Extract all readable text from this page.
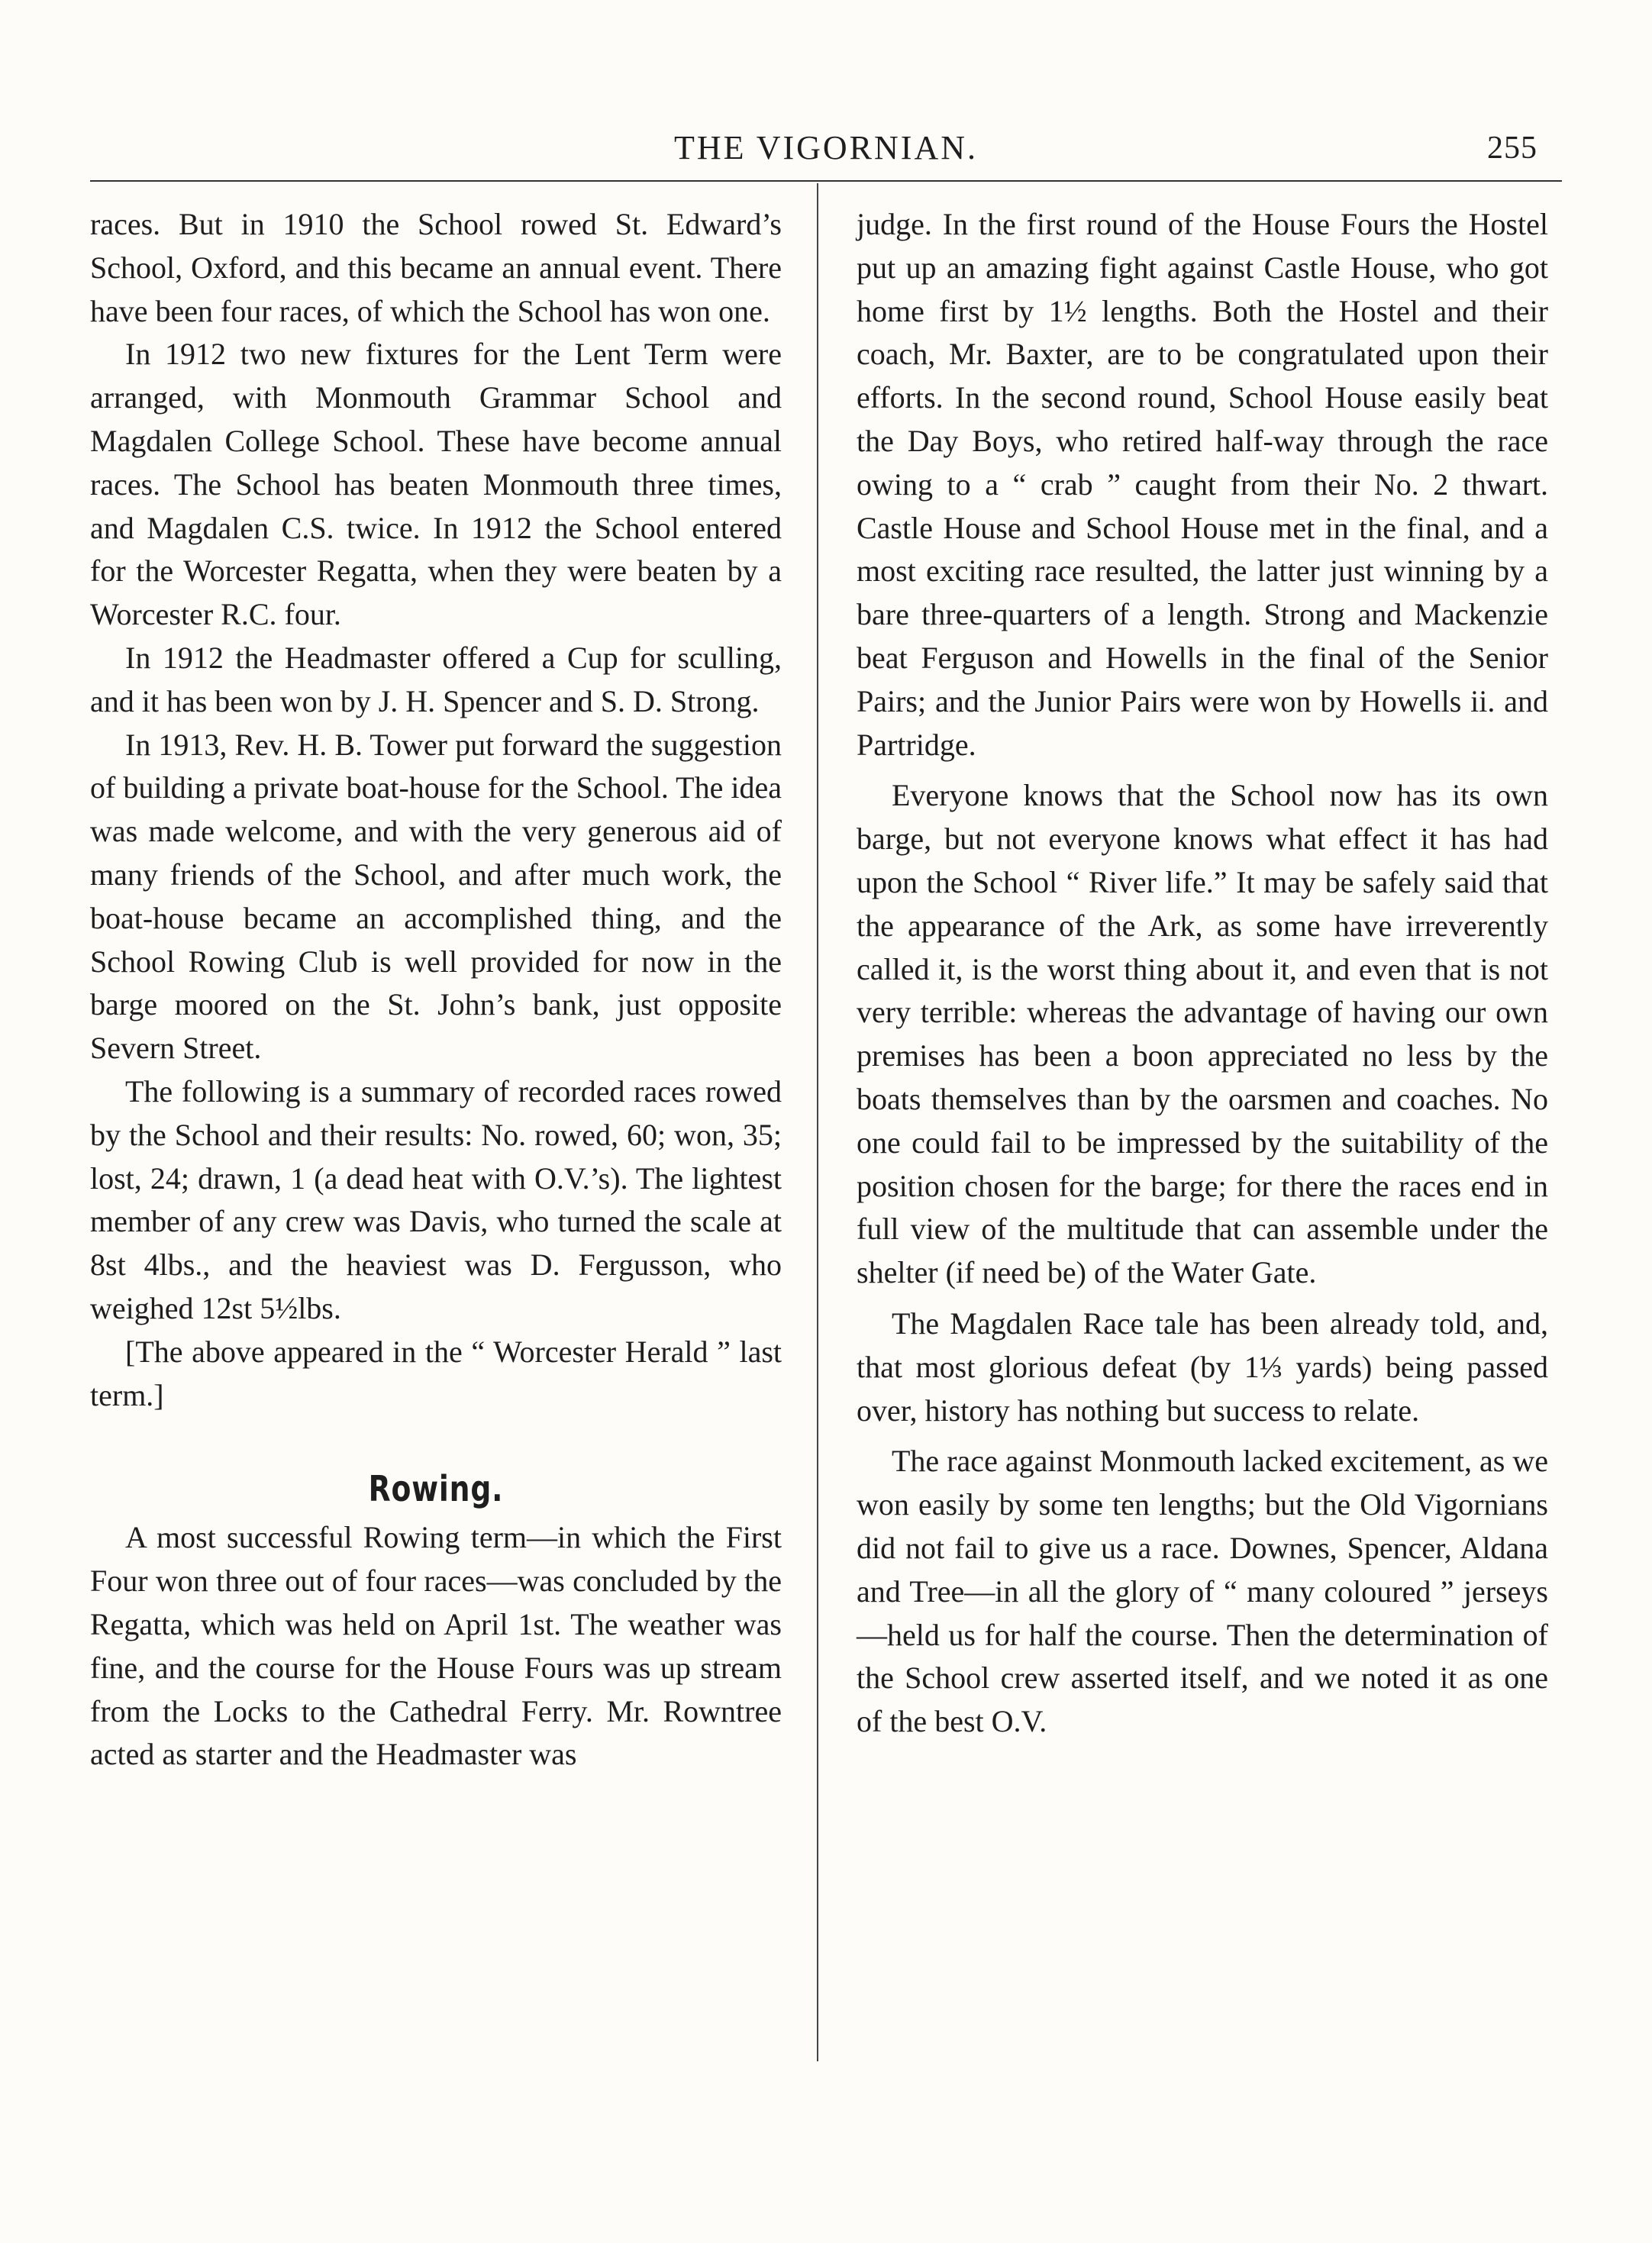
THE VIGORNIAN.	255

races. But in 1910 the School rowed St. Edward’s School, Oxford, and this became an annual event. There have been four races, of which the School has won one.

In 1912 two new fixtures for the Lent Term were arranged, with Monmouth Grammar School and Magdalen College School. These have become annual races. The School has beaten Monmouth three times, and Magdalen C.S. twice. In 1912 the School entered for the Worcester Regatta, when they were beaten by a Worcester R.C. four.

In 1912 the Headmaster offered a Cup for sculling, and it has been won by J. H. Spencer and S. D. Strong.

In 1913, Rev. H. B. Tower put forward the suggestion of building a private boat-house for the School. The idea was made welcome, and with the very generous aid of many friends of the School, and after much work, the boat-house became an accomplished thing, and the School Rowing Club is well provided for now in the barge moored on the St. John’s bank, just opposite Severn Street.

The following is a summary of recorded races rowed by the School and their results: No. rowed, 60; won, 35; lost, 24; drawn, 1 (a dead heat with O.V.’s). The lightest member of any crew was Davis, who turned the scale at 8st 4lbs., and the heaviest was D. Fergusson, who weighed 12st 5½lbs.

[The above appeared in the “ Worcester Herald ” last term.]

Rowing.

A most successful Rowing term—in which the First Four won three out of four races—was concluded by the Regatta, which was held on April 1st. The weather was fine, and the course for the House Fours was up stream from the Locks to the Cathedral Ferry. Mr. Rowntree acted as starter and the Headmaster was

judge. In the first round of the House Fours the Hostel put up an amazing fight against Castle House, who got home first by 1½ lengths. Both the Hostel and their coach, Mr. Baxter, are to be congratulated upon their efforts. In the second round, School House easily beat the Day Boys, who retired half-way through the race owing to a “ crab ” caught from their No. 2 thwart. Castle House and School House met in the final, and a most exciting race resulted, the latter just winning by a bare three-quarters of a length. Strong and Mackenzie beat Ferguson and Howells in the final of the Senior Pairs; and the Junior Pairs were won by Howells ii. and Partridge.

Everyone knows that the School now has its own barge, but not everyone knows what effect it has had upon the School “ River life.” It may be safely said that the appearance of the Ark, as some have irreverently called it, is the worst thing about it, and even that is not very terrible: whereas the advantage of having our own premises has been a boon appreciated no less by the boats themselves than by the oarsmen and coaches. No one could fail to be impressed by the suitability of the position chosen for the barge; for there the races end in full view of the multitude that can assemble under the shelter (if need be) of the Water Gate.

The Magdalen Race tale has been already told, and, that most glorious defeat (by 1⅓ yards) being passed over, history has nothing but success to relate.

The race against Monmouth lacked excitement, as we won easily by some ten lengths; but the Old Vigornians did not fail to give us a race. Downes, Spencer, Aldana and Tree—in all the glory of “ many coloured ” jerseys—held us for half the course. Then the determination of the School crew asserted itself, and we noted it as one of the best O.V.
